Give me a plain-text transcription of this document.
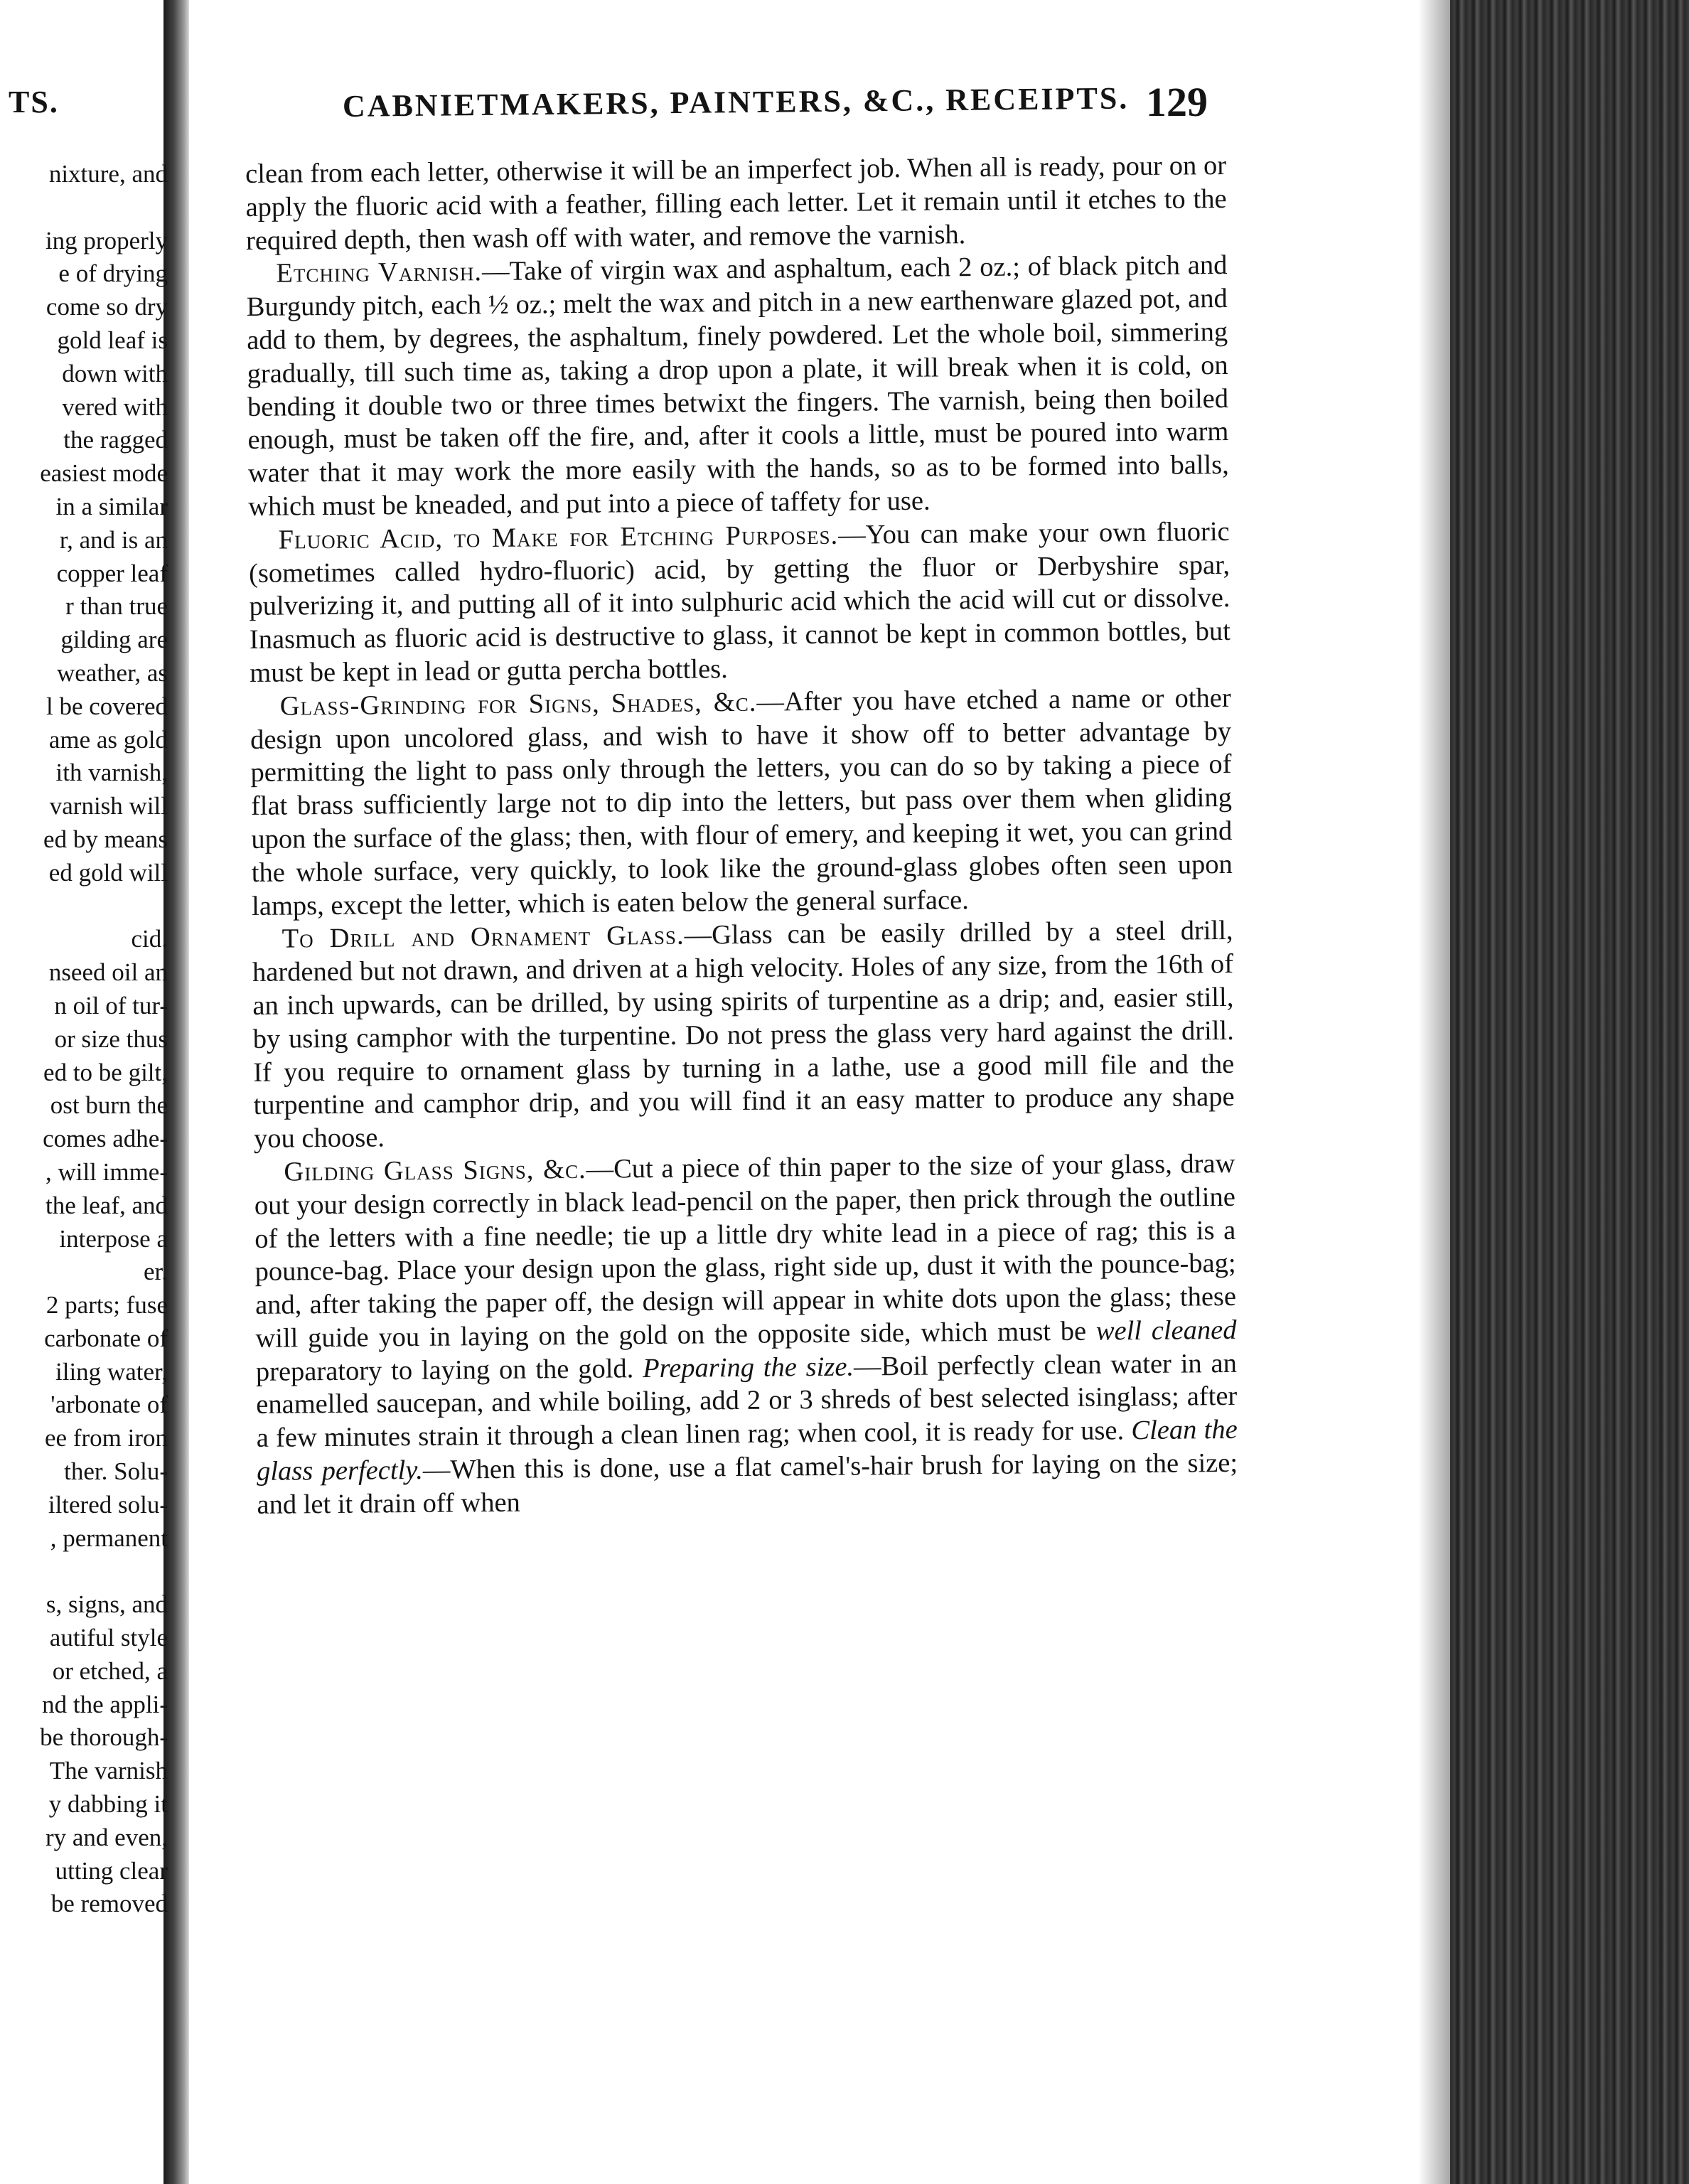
TS.
nixture, and

ing properly
e of drying
come so dry
gold leaf is
down with
vered with
the ragged
easiest mode
in a similar
r, and is an
copper leaf
r than true
gilding are
weather, as
l be covered
ame as gold
ith varnish,
varnish will
ed by means
ed gold will

cid.
nseed oil an
n oil of tur-
or size thus
ed to be gilt,
ost burn the
comes adhe-
, will imme-
the leaf, and
interpose a
er.
2 parts; fuse
carbonate of
iling water,
'arbonate of
ee from iron
ther. Solu-
iltered solu-
, permanent

s, signs, and
autiful style
or etched, a
nd the appli-
be thorough-
The varnish
y dabbing it
ry and even,
utting clear
be removed
CABNIETMAKERS, PAINTERS, &C., RECEIPTS. 129

clean from each letter, otherwise it will be an imperfect job. When all is ready, pour on or apply the fluoric acid with a feather, filling each letter. Let it remain until it etches to the required depth, then wash off with water, and remove the varnish.

Etching Varnish.—Take of virgin wax and asphaltum, each 2 oz.; of black pitch and Burgundy pitch, each ½ oz.; melt the wax and pitch in a new earthenware glazed pot, and add to them, by degrees, the asphaltum, finely powdered. Let the whole boil, simmering gradually, till such time as, taking a drop upon a plate, it will break when it is cold, on bending it double two or three times betwixt the fingers. The varnish, being then boiled enough, must be taken off the fire, and, after it cools a little, must be poured into warm water that it may work the more easily with the hands, so as to be formed into balls, which must be kneaded, and put into a piece of taffety for use.

Fluoric Acid, to Make for Etching Purposes.—You can make your own fluoric (sometimes called hydro-fluoric) acid, by getting the fluor or Derbyshire spar, pulverizing it, and putting all of it into sulphuric acid which the acid will cut or dissolve. Inasmuch as fluoric acid is destructive to glass, it cannot be kept in common bottles, but must be kept in lead or gutta percha bottles.

Glass-Grinding for Signs, Shades, &c.—After you have etched a name or other design upon uncolored glass, and wish to have it show off to better advantage by permitting the light to pass only through the letters, you can do so by taking a piece of flat brass sufficiently large not to dip into the letters, but pass over them when gliding upon the surface of the glass; then, with flour of emery, and keeping it wet, you can grind the whole surface, very quickly, to look like the ground-glass globes often seen upon lamps, except the letter, which is eaten below the general surface.

To Drill and Ornament Glass.—Glass can be easily drilled by a steel drill, hardened but not drawn, and driven at a high velocity. Holes of any size, from the 16th of an inch upwards, can be drilled, by using spirits of turpentine as a drip; and, easier still, by using camphor with the turpentine. Do not press the glass very hard against the drill. If you require to ornament glass by turning in a lathe, use a good mill file and the turpentine and camphor drip, and you will find it an easy matter to produce any shape you choose.

Gilding Glass Signs, &c.—Cut a piece of thin paper to the size of your glass, draw out your design correctly in black lead-pencil on the paper, then prick through the outline of the letters with a fine needle; tie up a little dry white lead in a piece of rag; this is a pounce-bag. Place your design upon the glass, right side up, dust it with the pounce-bag; and, after taking the paper off, the design will appear in white dots upon the glass; these will guide you in laying on the gold on the opposite side, which must be well cleaned preparatory to laying on the gold. Preparing the size.—Boil perfectly clean water in an enamelled saucepan, and while boiling, add 2 or 3 shreds of best selected isinglass; after a few minutes strain it through a clean linen rag; when cool, it is ready for use. Clean the glass perfectly.—When this is done, use a flat camel's-hair brush for laying on the size; and let it drain off when
